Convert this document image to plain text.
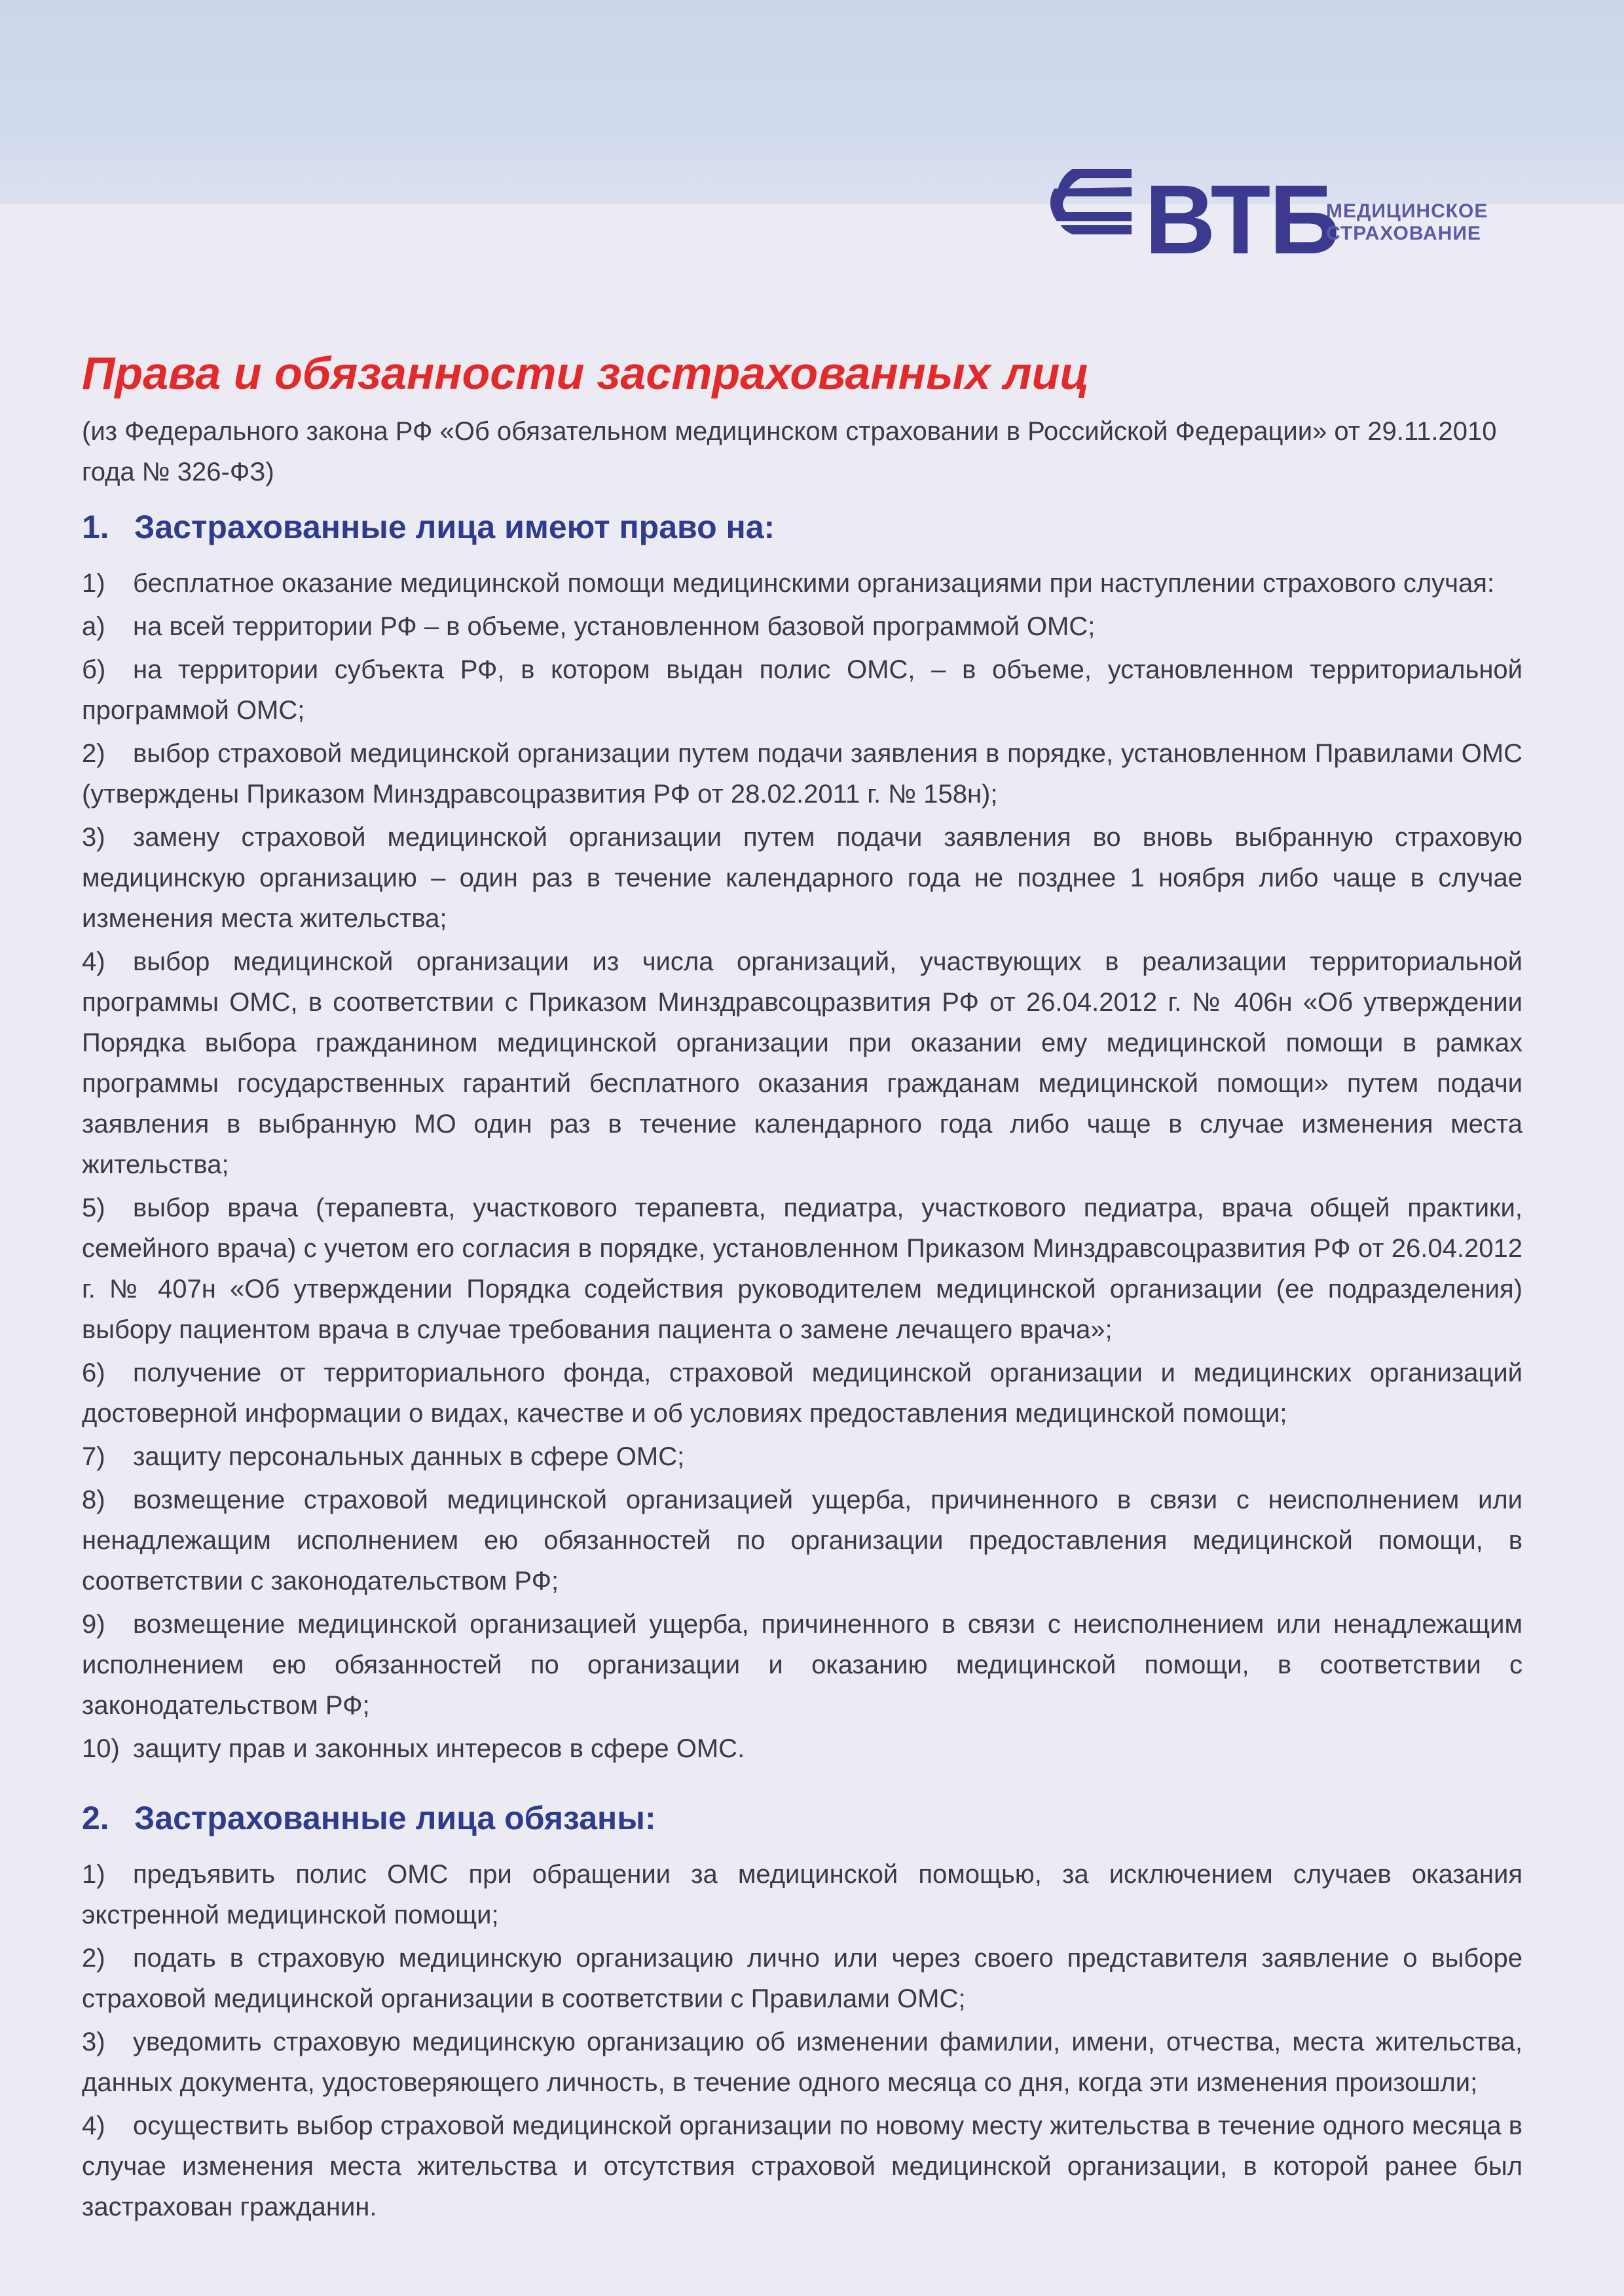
ВТБ
МЕДИЦИНСКОЕ
СТРАХОВАНИЕ
Права и обязанности застрахованных лиц

(из Федерального закона РФ «Об обязательном медицинском страховании в Российской Федерации» от 29.11.2010 года № 326-ФЗ)

1. Застрахованные лица имеют право на:

1) бесплатное оказание медицинской помощи медицинскими организациями при наступлении страхового случая:

а) на всей территории РФ – в объеме, установленном базовой программой ОМС;

б) на территории субъекта РФ, в котором выдан полис ОМС, – в объеме, установленном территориальной программой ОМС;

2) выбор страховой медицинской организации путем подачи заявления в порядке, установленном Правилами ОМС (утверждены Приказом Минздравсоцразвития РФ от 28.02.2011 г. № 158н);

3) замену страховой медицинской организации путем подачи заявления во вновь выбранную страховую медицинскую организацию – один раз в течение календарного года не позднее 1 ноября либо чаще в случае изменения места жительства;

4) выбор медицинской организации из числа организаций, участвующих в реализации территориальной программы ОМС, в соответствии с Приказом Минздравсоцразвития РФ от 26.04.2012 г. № 406н «Об утверждении Порядка выбора гражданином медицинской организации при оказании ему медицинской помощи в рамках программы государственных гарантий бесплатного оказания гражданам медицинской помощи» путем подачи заявления в выбранную МО один раз в течение календарного года либо чаще в случае изменения места жительства;

5) выбор врача (терапевта, участкового терапевта, педиатра, участкового педиатра, врача общей практики, семейного врача) с учетом его согласия в порядке, установленном Приказом Минздравсоцразвития РФ от 26.04.2012 г. № 407н «Об утверждении Порядка содействия руководителем медицинской организации (ее подразделения) выбору пациентом врача в случае требования пациента о замене лечащего врача»;

6) получение от территориального фонда, страховой медицинской организации и медицинских организаций достоверной информации о видах, качестве и об условиях предоставления медицинской помощи;

7) защиту персональных данных в сфере ОМС;

8) возмещение страховой медицинской организацией ущерба, причиненного в связи с неисполнением или ненадлежащим исполнением ею обязанностей по организации предоставления медицинской помощи, в соответствии с законодательством РФ;

9) возмещение медицинской организацией ущерба, причиненного в связи с неисполнением или ненадлежащим исполнением ею обязанностей по организации и оказанию медицинской помощи, в соответствии с законодательством РФ;

10) защиту прав и законных интересов в сфере ОМС.

2. Застрахованные лица обязаны:

1) предъявить полис ОМС при обращении за медицинской помощью, за исключением случаев оказания экстренной медицинской помощи;

2) подать в страховую медицинскую организацию лично или через своего представителя заявление о выборе страховой медицинской организации в соответствии с Правилами ОМС;

3) уведомить страховую медицинскую организацию об изменении фамилии, имени, отчества, места жительства, данных документа, удостоверяющего личность, в течение одного месяца со дня, когда эти изменения произошли;

4) осуществить выбор страховой медицинской организации по новому месту жительства в течение одного месяца в случае изменения места жительства и отсутствия страховой медицинской организации, в которой ранее был застрахован гражданин.
